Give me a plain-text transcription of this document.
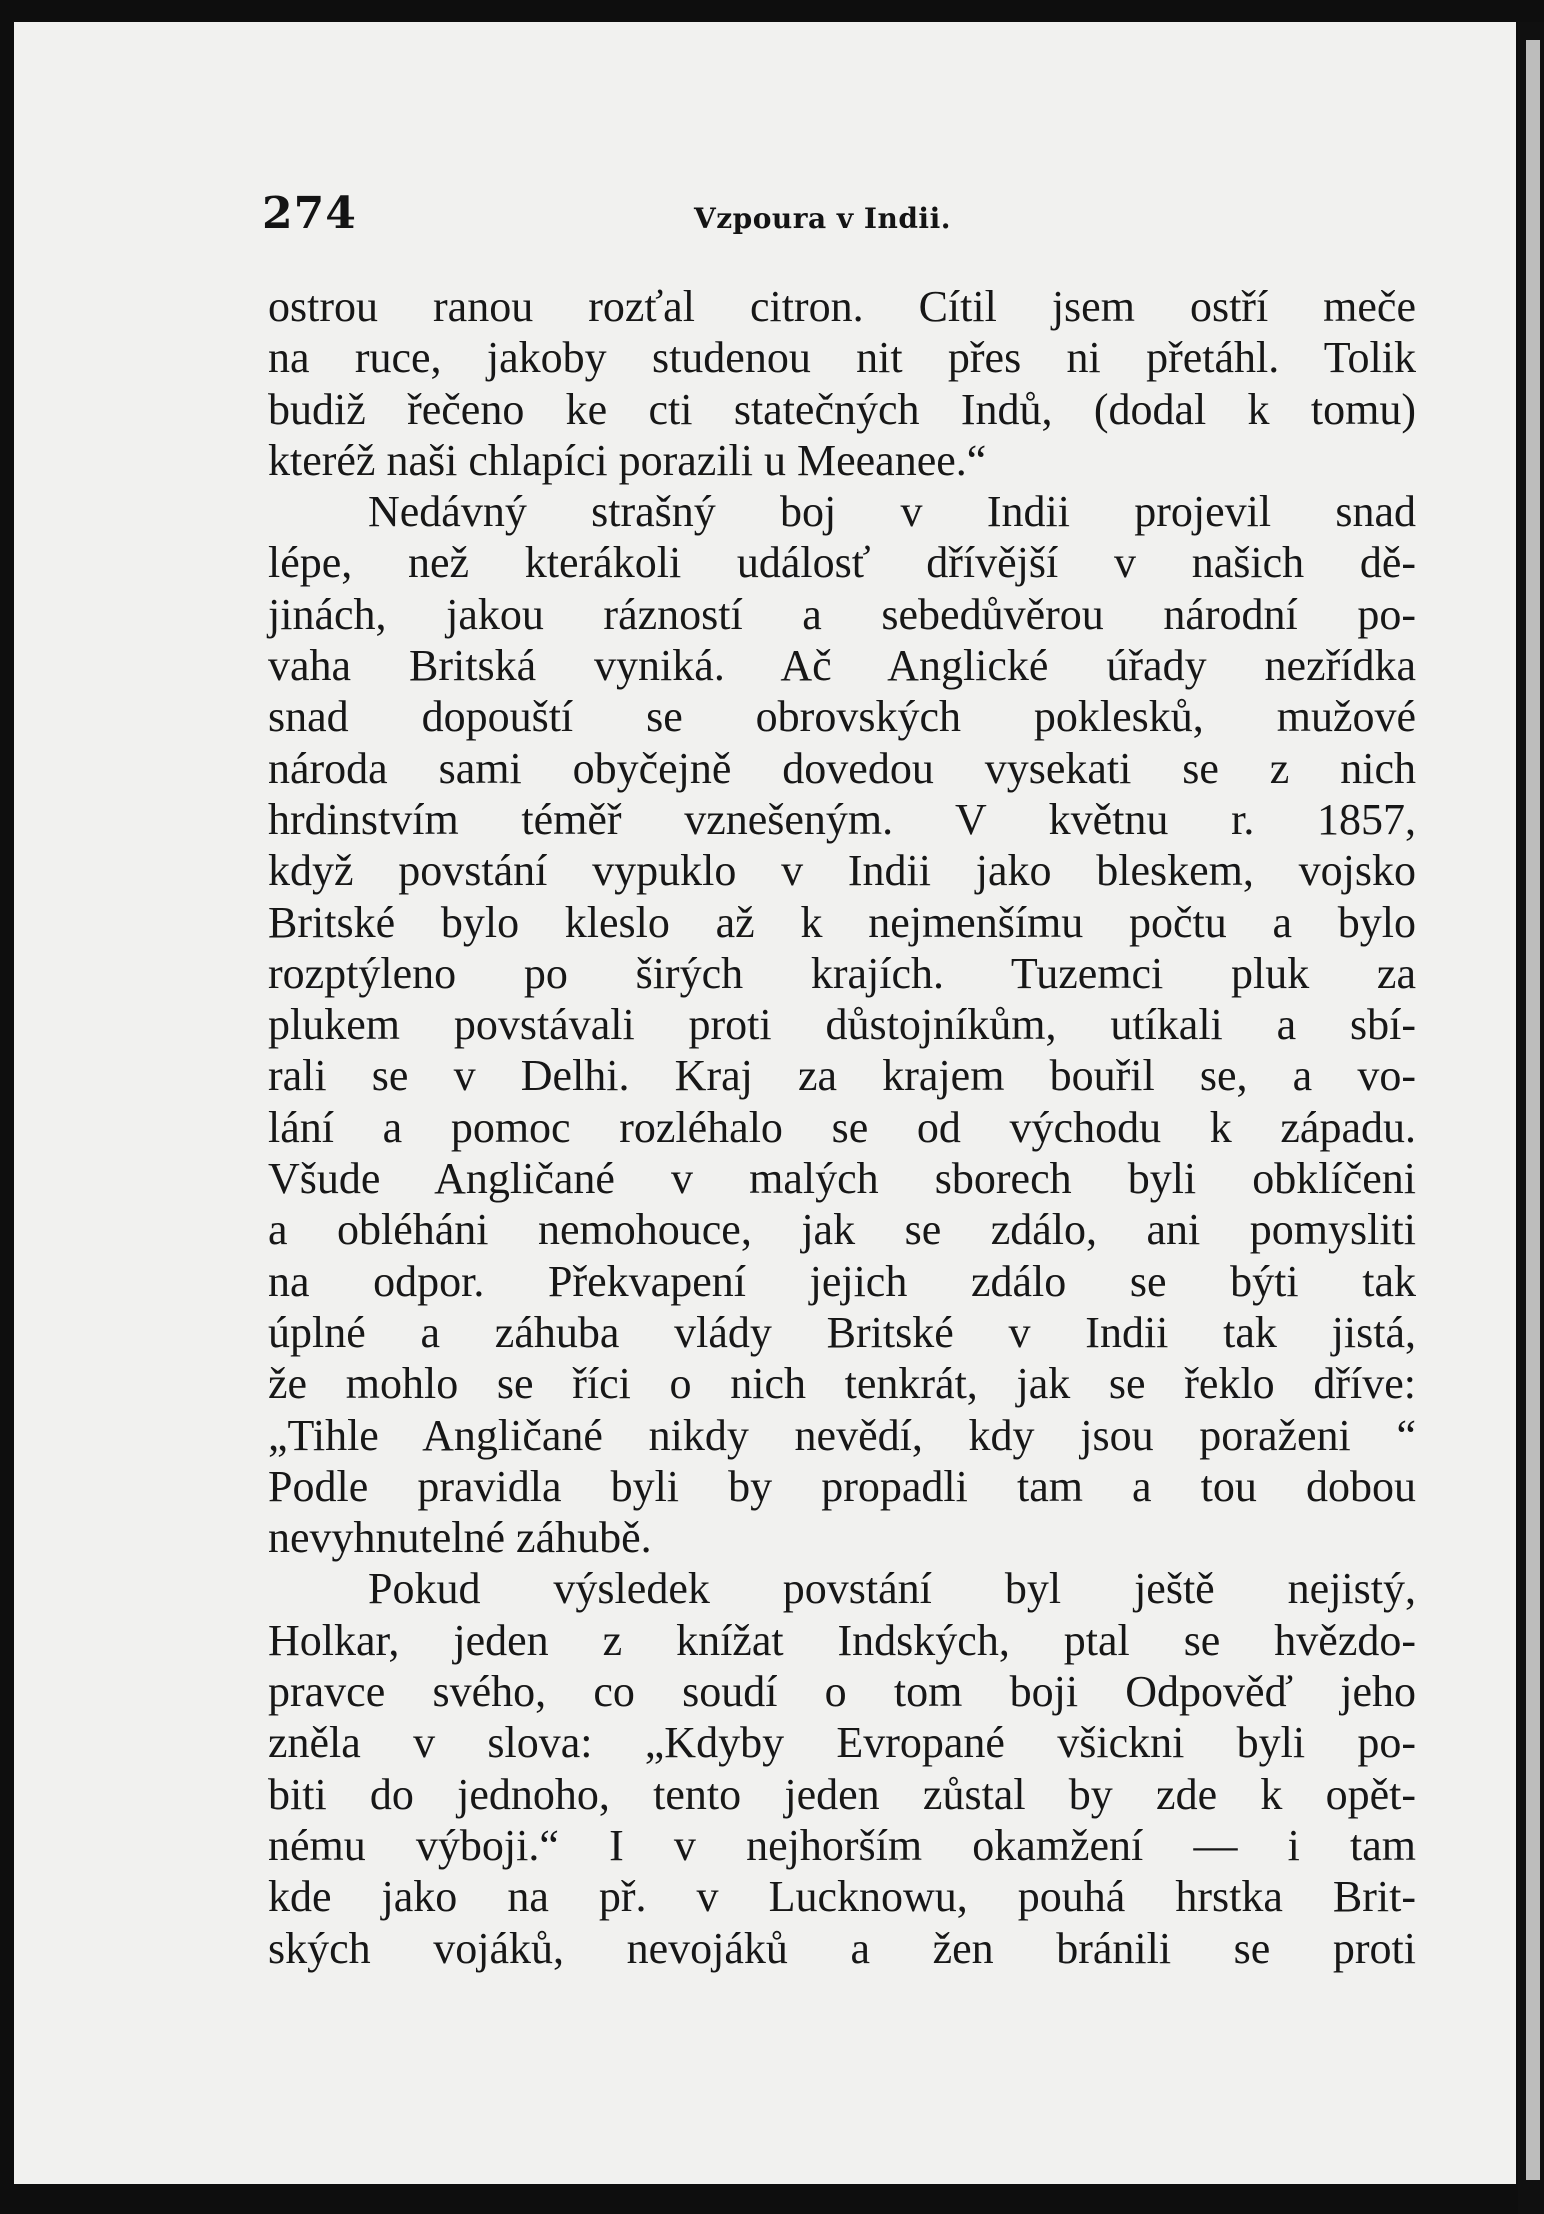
274	Vzpoura v Indii.
ostrou ranou rozťal citron. Cítil jsem ostří meče
na ruce, jakoby studenou nit přes ni přetáhl. Tolik
budiž řečeno ke cti statečných Indů, (dodal k tomu)
kteréž naši chlapíci porazili u Meeanee.“
Nedávný strašný boj v Indii projevil snad
lépe, než kterákoli událosť dřívější v našich dě-
jinách, jakou rázností a sebedůvěrou národní po-
vaha Britská vyniká. Ač Anglické úřady nezřídka
snad dopouští se obrovských poklesků, mužové
národa sami obyčejně dovedou vysekati se z nich
hrdinstvím téměř vznešeným. V květnu r. 1857,
když povstání vypuklo v Indii jako bleskem, vojsko
Britské bylo kleslo až k nejmenšímu počtu a bylo
rozptýleno po širých krajích. Tuzemci pluk za
plukem povstávali proti důstojníkům, utíkali a sbí-
rali se v Delhi. Kraj za krajem bouřil se, a vo-
lání a pomoc rozléhalo se od východu k západu.
Všude Angličané v malých sborech byli obklíčeni
a obléháni nemohouce, jak se zdálo, ani pomysliti
na odpor. Překvapení jejich zdálo se býti tak
úplné a záhuba vlády Britské v Indii tak jistá,
že mohlo se říci o nich tenkrát, jak se řeklo dříve:
„Tihle Angličané nikdy nevědí, kdy jsou poraženi “
Podle pravidla byli by propadli tam a tou dobou
nevyhnutelné záhubě.
Pokud výsledek povstání byl ještě nejistý,
Holkar, jeden z knížat Indských, ptal se hvězdo-
pravce svého, co soudí o tom boji Odpověď jeho
zněla v slova: „Kdyby Evropané všickni byli po-
biti do jednoho, tento jeden zůstal by zde k opět-
nému výboji.“ I v nejhorším okamžení — i tam
kde jako na př. v Lucknowu, pouhá hrstka Brit-
ských vojáků, nevojáků a žen bránili se proti
